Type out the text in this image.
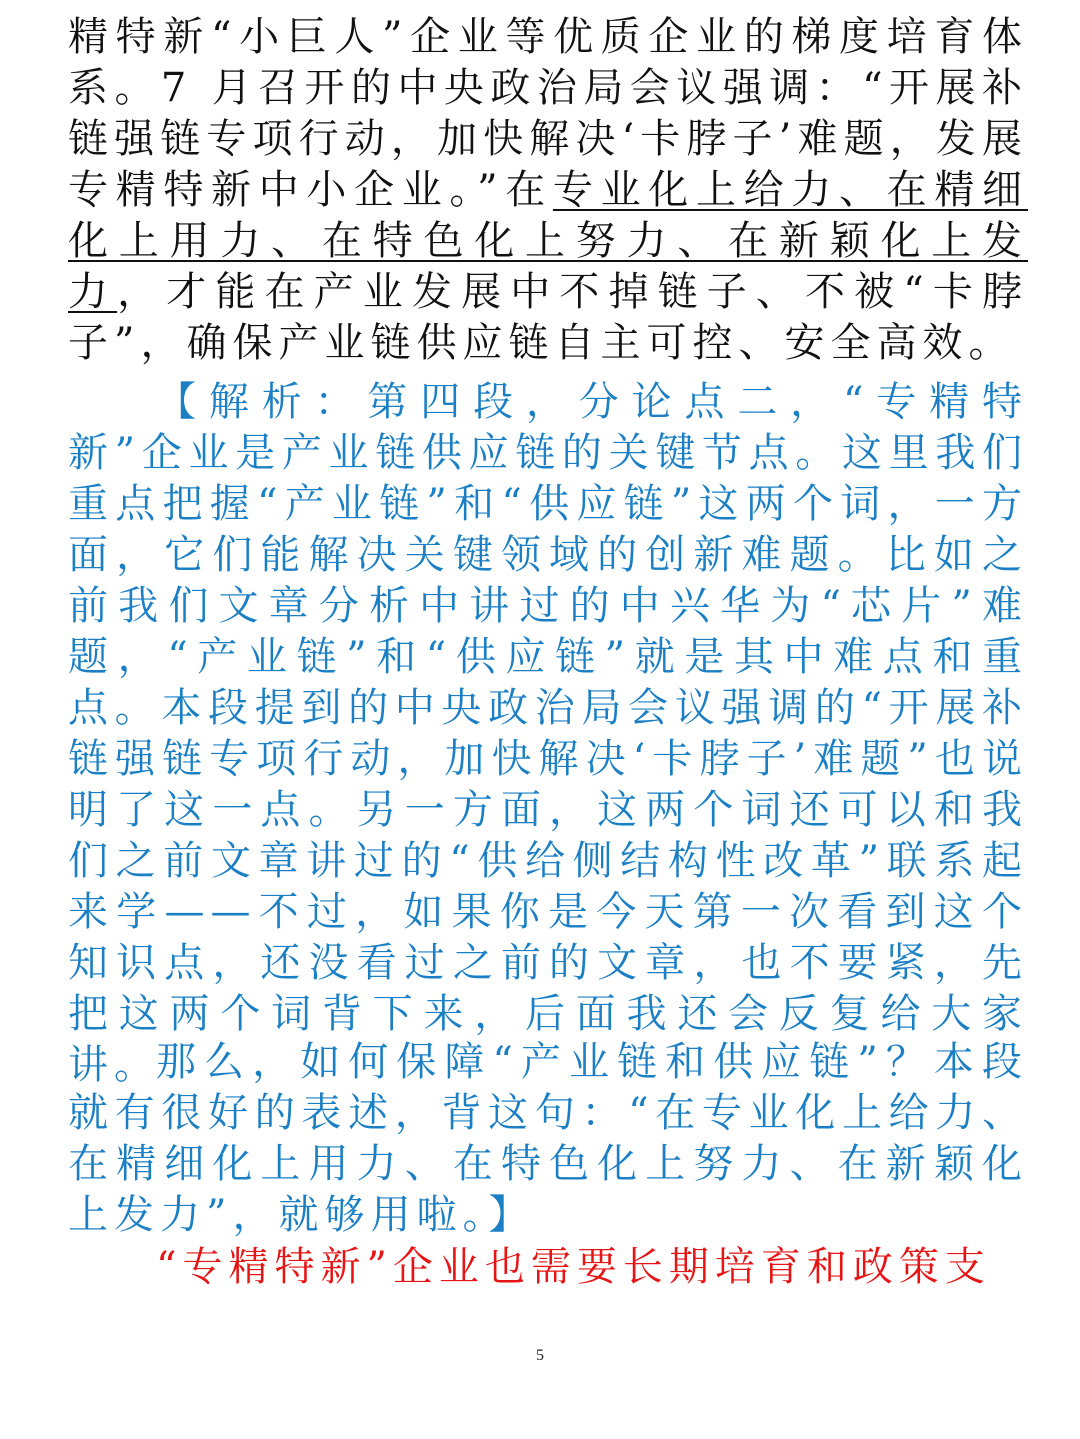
精特新“小巨人”企业等优质企业的梯度培育体系。7 月召开的中央政治局会议强调：“开展补链强链专项行动，加快解决‘卡脖子’难题，发展专精特新中小企业。”在专业化上给力、在精细化上用力、在特色化上努力、在新颖化上发力，才能在产业发展中不掉链子、不被“卡脖子”，确保产业链供应链自主可控、安全高效。

【解析：第四段，分论点二，“专精特新”企业是产业链供应链的关键节点。这里我们重点把握“产业链”和“供应链”这两个词，一方面，它们能解决关键领域的创新难题。比如之前我们文章分析中讲过的中兴华为“芯片”难题，“产业链”和“供应链”就是其中难点和重点。本段提到的中央政治局会议强调的“开展补链强链专项行动，加快解决‘卡脖子’难题”也说明了这一点。另一方面，这两个词还可以和我们之前文章讲过的“供给侧结构性改革”联系起来学——不过，如果你是今天第一次看到这个知识点，还没看过之前的文章，也不要紧，先把这两个词背下来，后面我还会反复给大家讲。

那么，如何保障“产业链和供应链”？本段就有很好的表述，背这句：“在专业化上给力、在精细化上用力、在特色化上努力、在新颖化上发力”，就够用啦。】

“专精特新”企业也需要长期培育和政策支

5
